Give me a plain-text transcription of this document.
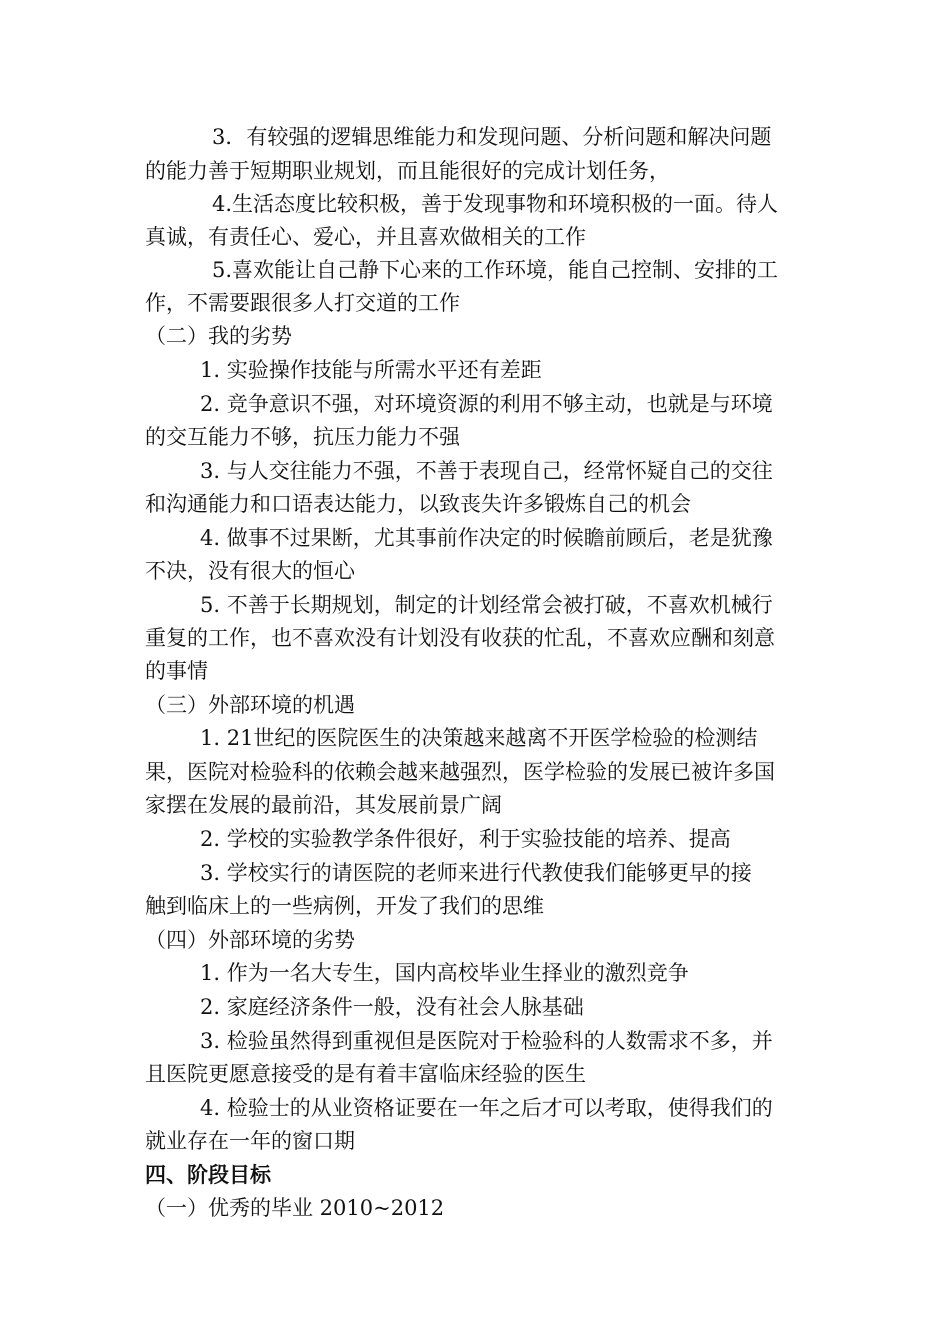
3．有较强的逻辑思维能力和发现问题、分析问题和解决问题
的能力善于短期职业规划，而且能很好的完成计划任务，
4.生活态度比较积极，善于发现事物和环境积极的一面。待人
真诚，有责任心、爱心，并且喜欢做相关的工作
5.喜欢能让自己静下心来的工作环境，能自己控制、安排的工
作，不需要跟很多人打交道的工作
（二）我的劣势
1. 实验操作技能与所需水平还有差距
2. 竞争意识不强，对环境资源的利用不够主动，也就是与环境
的交互能力不够，抗压力能力不强
3. 与人交往能力不强，不善于表现自己，经常怀疑自己的交往
和沟通能力和口语表达能力，以致丧失许多锻炼自己的机会
4. 做事不过果断，尤其事前作决定的时候瞻前顾后，老是犹豫
不决，没有很大的恒心
5. 不善于长期规划，制定的计划经常会被打破，不喜欢机械行
重复的工作，也不喜欢没有计划没有收获的忙乱，不喜欢应酬和刻意
的事情
（三）外部环境的机遇
1. 21世纪的医院医生的决策越来越离不开医学检验的检测结
果，医院对检验科的依赖会越来越强烈，医学检验的发展已被许多国
家摆在发展的最前沿，其发展前景广阔
2. 学校的实验教学条件很好，利于实验技能的培养、提高
3. 学校实行的请医院的老师来进行代教使我们能够更早的接
触到临床上的一些病例，开发了我们的思维
（四）外部环境的劣势
1. 作为一名大专生，国内高校毕业生择业的激烈竞争
2. 家庭经济条件一般，没有社会人脉基础
3. 检验虽然得到重视但是医院对于检验科的人数需求不多，并
且医院更愿意接受的是有着丰富临床经验的医生
4. 检验士的从业资格证要在一年之后才可以考取，使得我们的
就业存在一年的窗口期
四、阶段目标
（一）优秀的毕业 2010~2012
